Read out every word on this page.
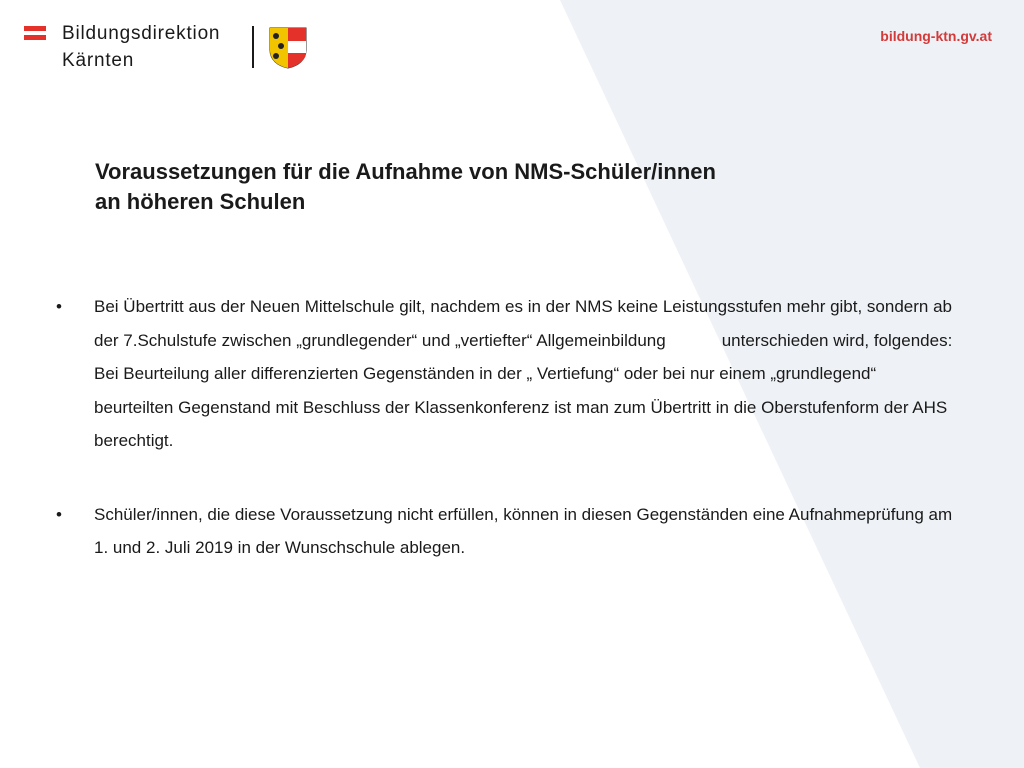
Bildungsdirektion
Kärnten
bildung-ktn.gv.at
Voraussetzungen für die Aufnahme von NMS-Schüler/innen
an höheren Schulen
• Bei Übertritt aus der Neuen Mittelschule gilt, nachdem es in der NMS keine Leistungsstufen mehr gibt, sondern ab der 7.Schulstufe zwischen „grundlegender“ und „vertiefter“ Allgemeinbildung	unterschieden wird, folgendes: Bei Beurteilung aller differenzierten Gegenständen in der „ Vertiefung“ oder bei nur einem „grundlegend“ beurteilten Gegenstand mit Beschluss der Klassenkonferenz ist man zum Übertritt in die Oberstufenform der AHS berechtigt.
• Schüler/innen, die diese Voraussetzung nicht erfüllen, können in diesen Gegenständen eine Aufnahmeprüfung am 1. und 2. Juli 2019 in der Wunschschule ablegen.
